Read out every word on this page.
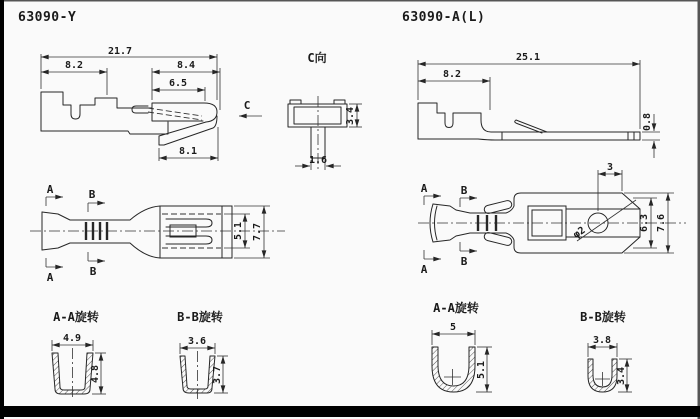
63090-Y
21.7
8.2	8.4
6.5
8.1
C
C向
1.6
3.4
A	B
A	B
5.1 7.7
63090-A(L)
25.1
8.2
0.8
φ2
A	B
A
B
3
6.3 7.6
A-A旋转
4.9
4.8
B-B旋转
3.6
3.7
A-A旋转
5
5.1
B-B旋转
3.8
3.4
